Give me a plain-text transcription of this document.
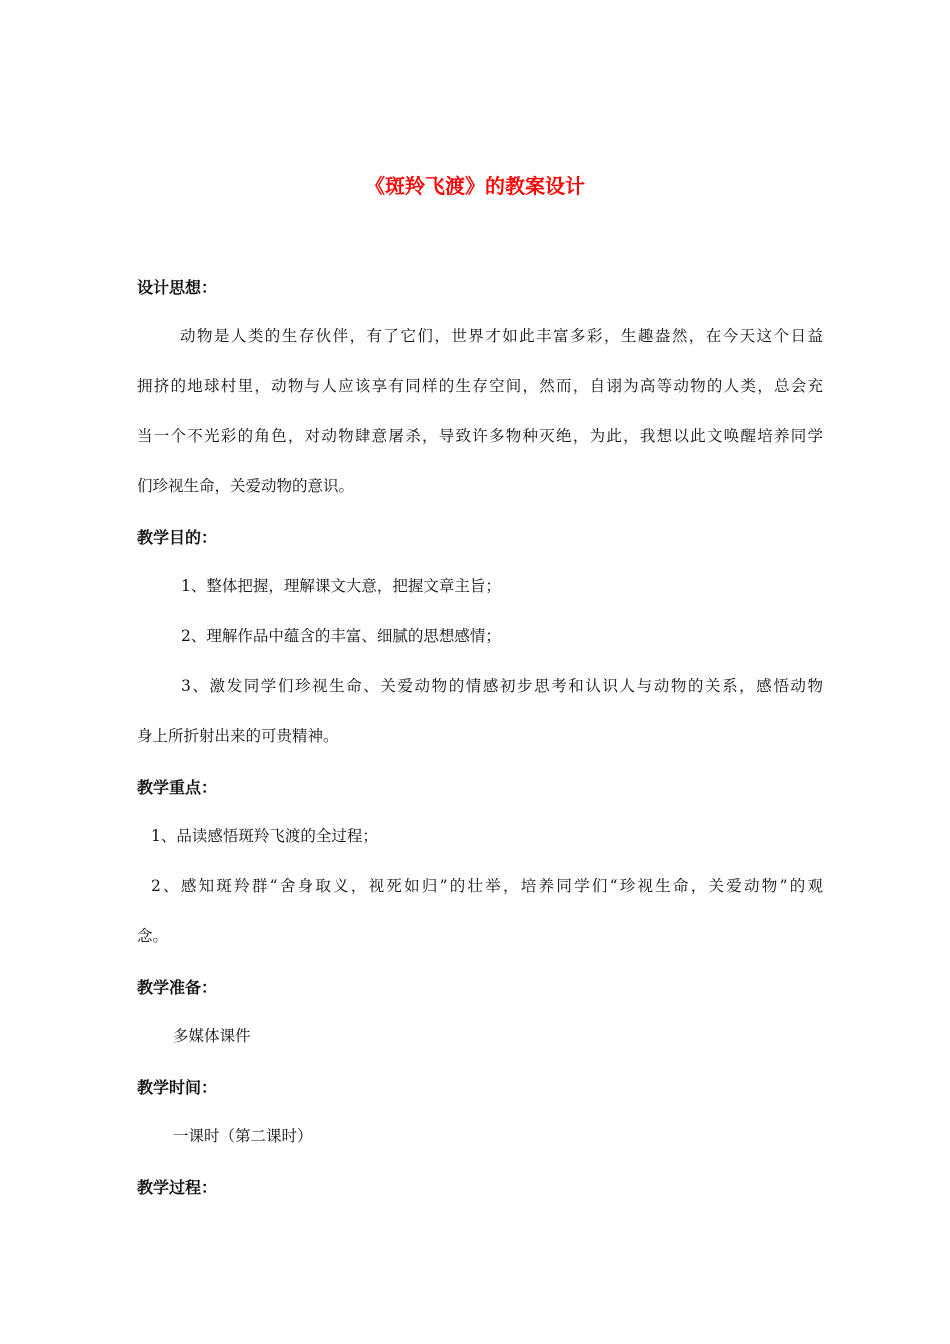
《斑羚飞渡》的教案设计
设计思想：
动物是人类的生存伙伴，有了它们，世界才如此丰富多彩，生趣盎然，在今天这个日益
拥挤的地球村里，动物与人应该享有同样的生存空间，然而，自诩为高等动物的人类，总会充
当一个不光彩的角色，对动物肆意屠杀，导致许多物种灭绝，为此，我想以此文唤醒培养同学
们珍视生命，关爱动物的意识。
教学目的：
1、整体把握，理解课文大意，把握文章主旨；
2、理解作品中蕴含的丰富、细腻的思想感情；
3、激发同学们珍视生命、关爱动物的情感初步思考和认识人与动物的关系，感悟动物
身上所折射出来的可贵精神。
教学重点：
1、品读感悟斑羚飞渡的全过程；
2、感知斑羚群“舍身取义，视死如归”的壮举，培养同学们“珍视生命，关爱动物”的观
念。
教学准备：
多媒体课件
教学时间：
一课时（第二课时）
教学过程：
